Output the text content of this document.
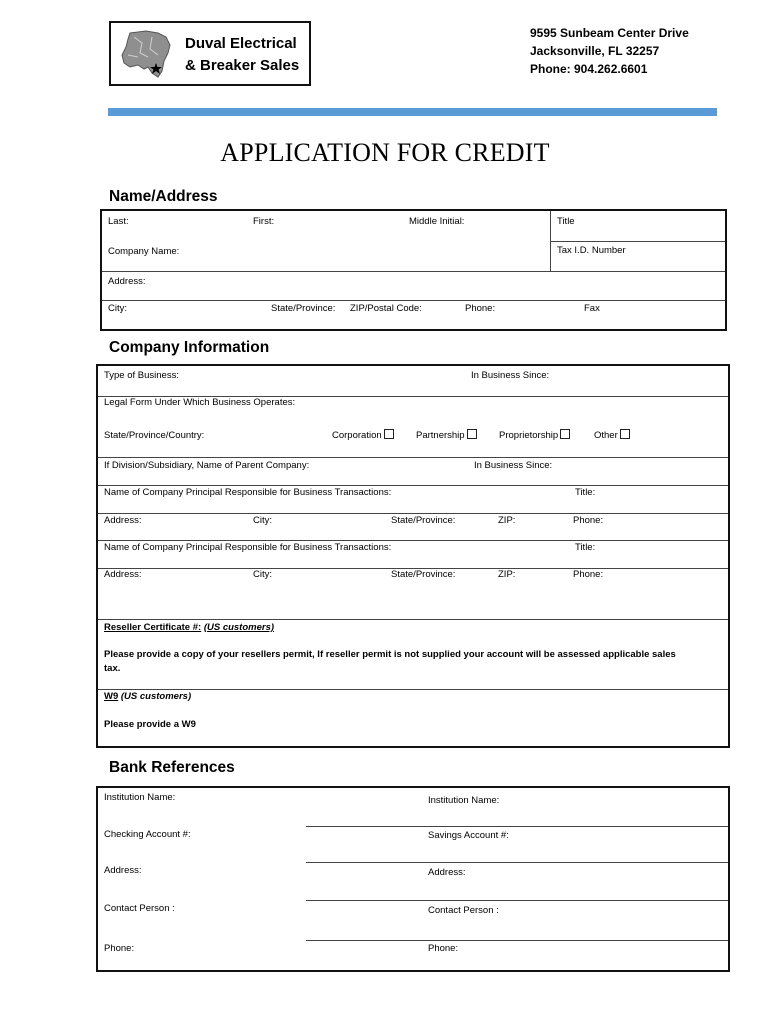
Duval Electrical
& Breaker Sales
9595 Sunbeam Center Drive
Jacksonville, FL 32257
Phone: 904.262.6601
APPLICATION FOR CREDIT
Name/Address
Last:	First:	Middle Initial:	Title
Company Name:	Tax I.D. Number
Address:
City:	State/Province: ZIP/Postal Code:	Phone:	Fax
Company Information
Type of Business:	In Business Since:
Legal Form Under Which Business Operates:
State/Province/Country:	Corporation	Partnership	Proprietorship	Other
If Division/Subsidiary, Name of Parent Company:	In Business Since:
Name of Company Principal Responsible for Business Transactions:	Title:
Address:	City:	State/Province:	ZIP:	Phone:
Name of Company Principal Responsible for Business Transactions:	Title:
Address:	City:	State/Province:	ZIP:	Phone:
Reseller Certificate #: (US customers)
Please provide a copy of your resellers permit, If reseller permit is not supplied your account will be assessed applicable sales
tax.
W9 (US customers)
Please provide a W9
Bank References
Institution Name:	Institution Name:
Checking Account #:	Savings Account #:
Address:	Address:
Contact Person :	Contact Person :
Phone:	Phone:
